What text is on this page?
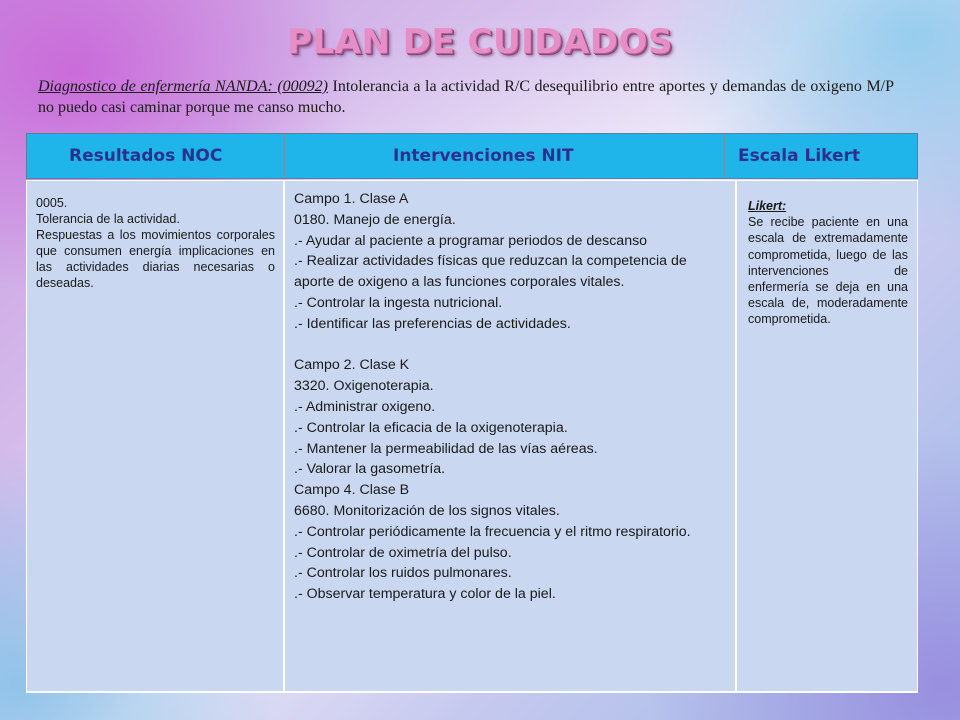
PLAN DE CUIDADOS
Diagnostico de enfermería NANDA: (00092) Intolerancia a la actividad R/C desequilibrio entre aportes y demandas de oxigeno M/P no puedo casi caminar porque me canso mucho.
Resultados NOC	Intervenciones NIT	Escala Likert
0005.
Tolerancia de la actividad.
Respuestas a los movimientos corporales que consumen energía implicaciones en las actividades diarias necesarias o deseadas.
Campo 1. Clase A
0180. Manejo de energía.
.- Ayudar al paciente a programar periodos de descanso
.- Realizar actividades físicas que reduzcan la competencia de aporte de oxigeno a las funciones corporales vitales.
.- Controlar la ingesta nutricional.
.- Identificar las preferencias de actividades.
Campo 2. Clase K
3320. Oxigenoterapia.
.- Administrar oxigeno.
.- Controlar la eficacia de la oxigenoterapia.
.- Mantener la permeabilidad de las vías aéreas.
.- Valorar la gasometría.
Campo 4. Clase B
6680. Monitorización de los signos vitales.
.- Controlar periódicamente la frecuencia y el ritmo respiratorio.
.- Controlar de oximetría del pulso.
.- Controlar los ruidos pulmonares.
.- Observar temperatura y color de la piel.
Likert:
Se recibe paciente en una escala de extremadamente comprometida, luego de las intervenciones de enfermería se deja en una escala de, moderadamente comprometida.
